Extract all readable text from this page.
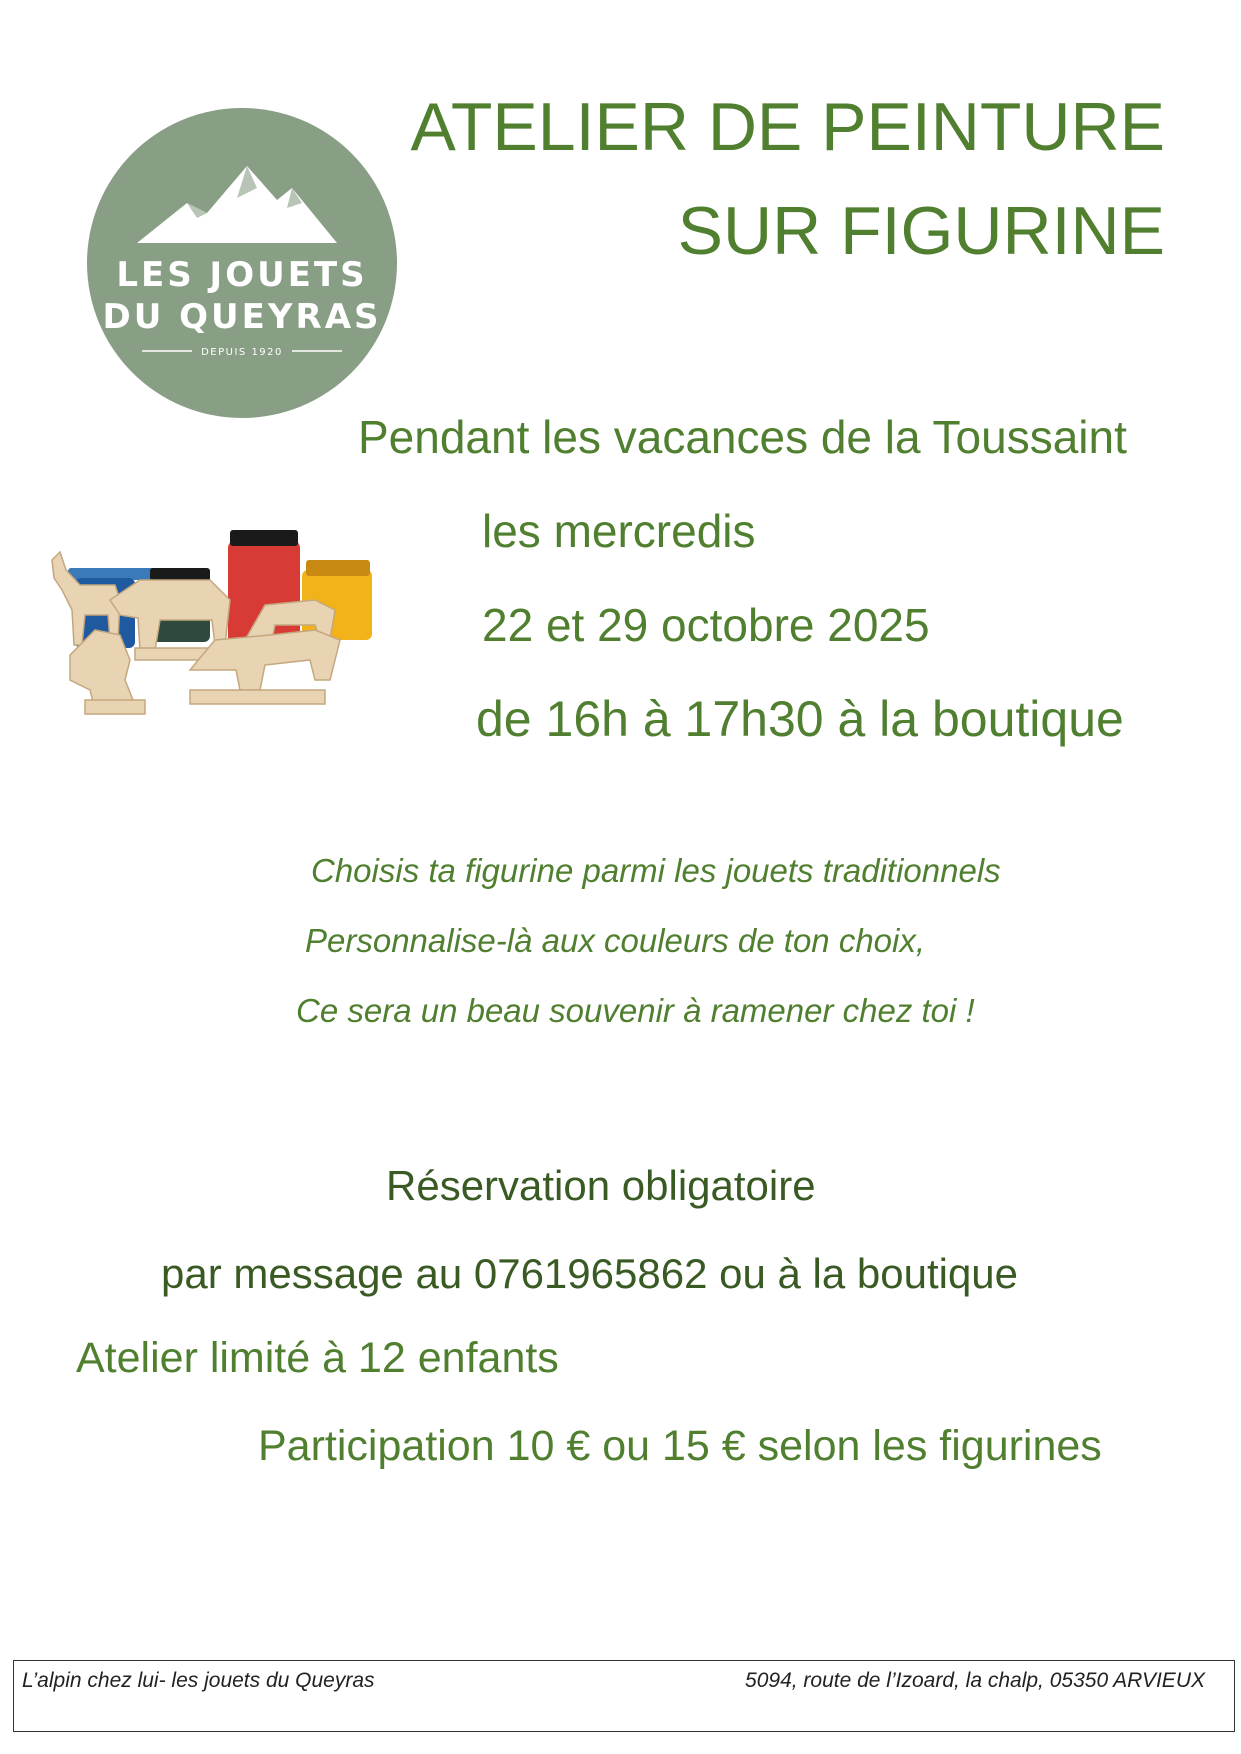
LES JOUETS
DU QUEYRAS
DEPUIS 1920
ATELIER DE PEINTURE
SUR FIGURINE
Pendant les vacances de la Toussaint
les mercredis
22 et 29 octobre 2025
de 16h à 17h30 à la boutique
Choisis ta figurine parmi les jouets traditionnels
Personnalise-là aux couleurs de ton choix,
Ce sera un beau souvenir à ramener chez toi !
Réservation obligatoire
par message au 0761965862 ou à la boutique
Atelier limité à 12 enfants
Participation 10 € ou 15 € selon les figurines
L’alpin chez lui- les jouets du Queyras	5094, route de l’Izoard, la chalp, 05350 ARVIEUX
